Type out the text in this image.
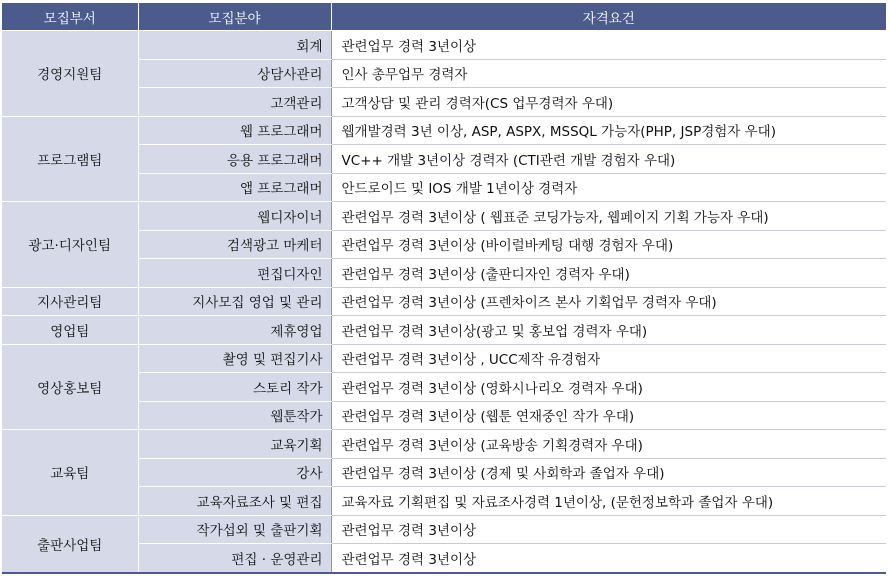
모집부서	모집분야	자격요건
경영지원팀	회계	관련업무 경력 3년이상
	상담사관리	인사 총무업무 경력자
	고객관리	고객상담 및 관리 경력자(CS 업무경력자 우대)
프로그램팀	웹 프로그래머	웹개발경력 3년 이상, ASP, ASPX, MSSQL 가능자(PHP, JSP경험자 우대)
	응용 프로그래머	VC++ 개발 3년이상 경력자 (CTI관련 개발 경험자 우대)
	앱 프로그래머	안드로이드 및 IOS 개발 1년이상 경력자
광고·디자인팀	웹디자이너	관련업무 경력 3년이상 ( 웹표준 코딩가능자, 웹페이지 기획 가능자 우대)
	검색광고 마케터	관련업무 경력 3년이상 (바이럴바케팅 대행 경험자 우대)
	편집디자인	관련업무 경력 3년이상 (출판디자인 경력자 우대)
지사관리팀	지사모집 영업 및 관리	관련업무 경력 3년이상 (프렌차이즈 본사 기획업무 경력자 우대)
영업팀	제휴영업	관련업무 경력 3년이상(광고 및 홍보업 경력자 우대)
영상홍보팀	촬영 및 편집기사	관련업무 경력 3년이상 , UCC제작 유경험자
	스토리 작가	관련업무 경력 3년이상 (영화시나리오 경력자 우대)
	웹툰작가	관련업무 경력 3년이상 (웹툰 연재중인 작가 우대)
교육팀	교육기획	관련업무 경력 3년이상 (교육방송 기획경력자 우대)
	강사	관련업무 경력 3년이상 (경제 및 사회학과 졸업자 우대)
	교육자료조사 및 편집	교육자료 기획편집 및 자료조사경력 1년이상, (문헌정보학과 졸업자 우대)
출판사업팀	작가섭외 및 출판기획	관련업무 경력 3년이상
	편집 · 운영관리	관련업무 경력 3년이상
